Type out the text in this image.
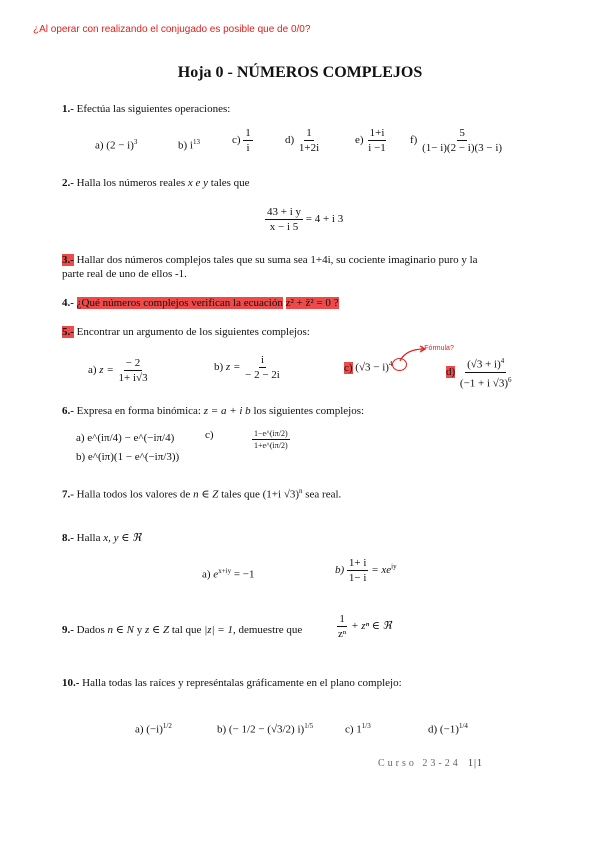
¿Al operar con realizando el conjugado es posible que de 0/0?
Hoja 0 - NÚMEROS COMPLEJOS
1.- Efectúa las siguientes operaciones:
a) $(2 - i)^3$	b) $i^{13}$	$c) \frac{1}{i}$	$d) \frac{1}{1+2i}$	$e) \frac{1+i}{i -1} f) \frac{5}{(1- i)(2 - i)(3 - i)}$
2.- Halla los números reales x e y tales que
$\frac{\text{43 + i y}}{x - i 5} = 4 + i$ 3
3.- Hallar dos números complejos tales que su suma sea 1+4i, su cociente imaginario puro y la
parte real de uno de ellos -1.
4.- ¿Qué números complejos verifican la ecuación z² + z̄² = 0 ?
5.- Encontrar un argumento de los siguientes complejos:
a) $z = \frac{- 2}{1+ i√3}$	b) $z = \frac{i}{- 2 - 2i}$	c) $(√3 - i)^4$
¿Fórmula?
$d) \frac{(√3 + i)^4}{(-1 + i √3)^6}$
6.- Expresa en forma binómica: z = a + i b los siguientes complejos:
a) e^(iπ/4) − e^(−iπ/4)
b) e^(iπ)(1 − e^(−iπ/3))
c)	$\frac{1-e\^{}(i\pi/2)}{1+e\^{}(i\pi/2)}$
7.- Halla todos los valores de n ∈ Z tales que (1+i √3)$^n$ sea real.
8.- Halla x, y ∈ ℜ
a) $e^{x+iy} = -1$	$b) \frac{1+ i}{1- i} = xe^{iy}$
9.- Dados n ∈ N y z ∈ Z tal que |z| = 1, demuestre que	$\frac{1}{\text{zⁿ}} + z^n$ ∈ ℜ
10.- Halla todas las raíces y represéntalas gráficamente en el plano complejo:
a) $(-i)^{1/2}$	b) (− 1/2 − (√3/2) i)$^{1/5}$	c) $1^{1/3}$	d) $(-1)^{1/4}$
Curso 23-24 1|1
